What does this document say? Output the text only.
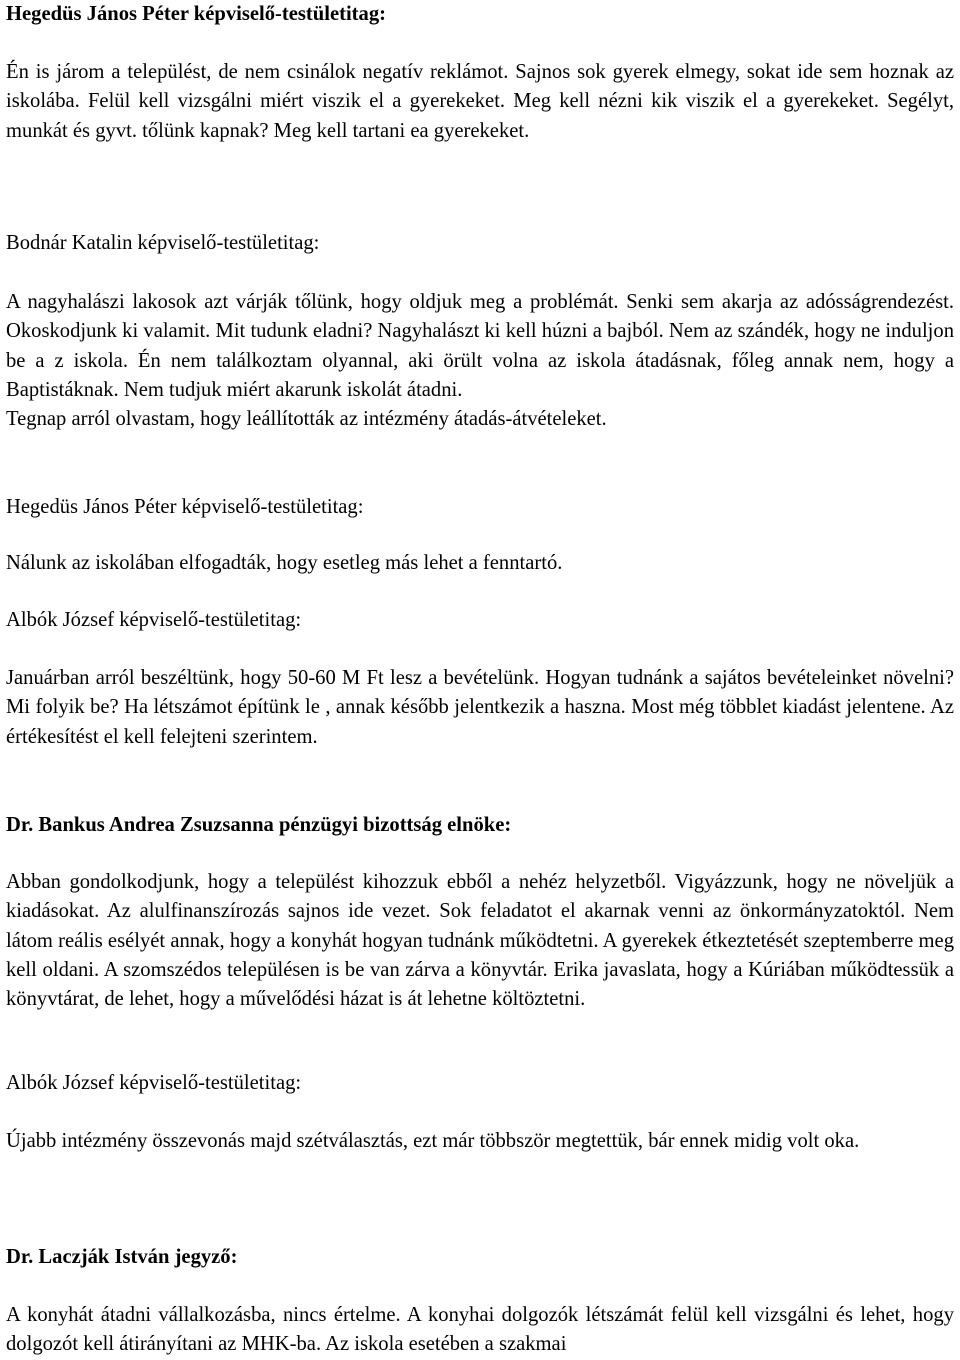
Hegedüs János Péter képviselő-testületitag:
Én is járom a települést, de nem csinálok negatív reklámot. Sajnos sok gyerek elmegy, sokat ide sem hoznak az iskolába. Felül kell vizsgálni miért viszik el a gyerekeket. Meg kell nézni kik viszik el a gyerekeket. Segélyt, munkát és gyvt. tőlünk kapnak? Meg kell tartani ea gyerekeket.
Bodnár Katalin képviselő-testületitag:
A nagyhalászi lakosok azt várják tőlünk, hogy oldjuk meg a problémát. Senki sem akarja az adósságrendezést. Okoskodjunk ki valamit. Mit tudunk eladni? Nagyhalászt ki kell húzni a bajból. Nem az szándék, hogy ne induljon be a z iskola. Én nem találkoztam olyannal, aki örült volna az iskola átadásnak, főleg annak nem, hogy a Baptistáknak. Nem tudjuk miért akarunk iskolát átadni.
Tegnap arról olvastam, hogy leállították az intézmény átadás-átvételeket.
Hegedüs János Péter képviselő-testületitag:
Nálunk az iskolában elfogadták, hogy esetleg más lehet a fenntartó.
Albók József képviselő-testületitag:
Januárban arról beszéltünk, hogy 50-60 M Ft lesz a bevételünk. Hogyan tudnánk a sajátos bevételeinket növelni? Mi folyik be? Ha létszámot építünk le , annak később jelentkezik a haszna. Most még többlet kiadást jelentene. Az értékesítést el kell felejteni szerintem.
Dr. Bankus Andrea Zsuzsanna pénzügyi bizottság elnöke:
Abban gondolkodjunk, hogy a települést kihozzuk ebből a nehéz helyzetből. Vigyázzunk, hogy ne növeljük a kiadásokat. Az alulfinanszírozás sajnos ide vezet. Sok feladatot el akarnak venni az önkormányzatoktól. Nem látom reális esélyét annak, hogy a konyhát hogyan tudnánk működtetni. A gyerekek étkeztetését szeptemberre meg kell oldani. A szomszédos településen is be van zárva a könyvtár. Erika javaslata, hogy a Kúriában működtessük a könyvtárat, de lehet, hogy a művelődési házat is át lehetne költöztetni.
Albók József képviselő-testületitag:
Újabb intézmény összevonás majd szétválasztás, ezt már többször megtettük, bár ennek midig volt oka.
Dr. Laczják István jegyző:
A konyhát átadni vállalkozásba, nincs értelme. A konyhai dolgozók létszámát felül kell vizsgálni és lehet, hogy dolgozót kell átirányítani az MHK-ba. Az iskola esetében a szakmai
